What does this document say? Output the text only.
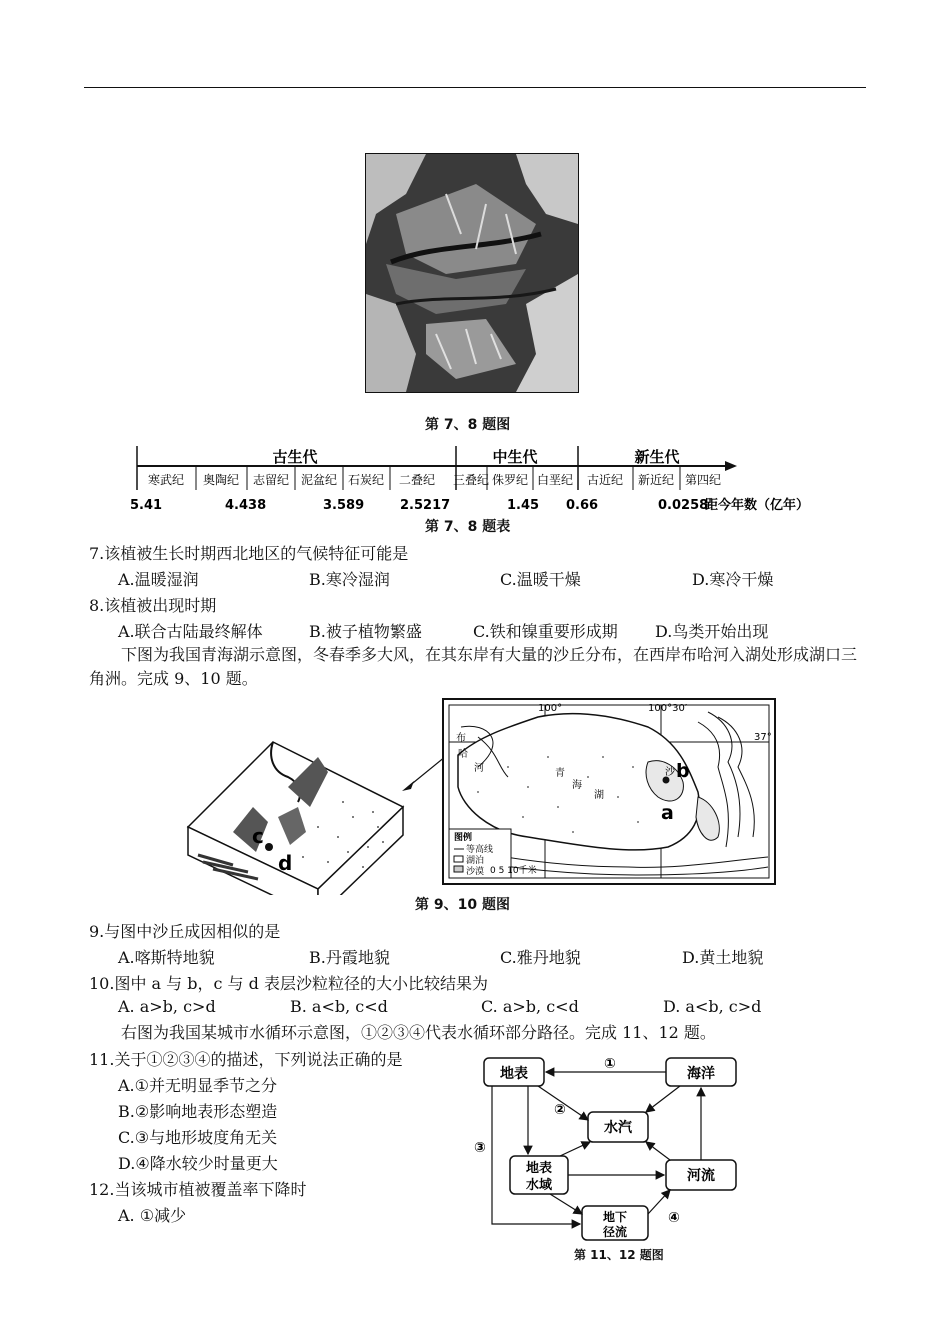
第 7、8 题图
古生代	中生代	新生代
寒武纪 奥陶纪 志留纪 泥盆纪 石炭纪 二叠纪 三叠纪 侏罗纪 白垩纪 古近纪 新近纪 第四纪
5.41	4.438	3.589	2.5217	1.45 0.66	0.0258
距今年数（亿年）
第 7、8 题表
7.该植被生长时期西北地区的气候特征可能是
A.温暖湿润	B.寒冷湿润	C.温暖干燥	D.寒冷干燥
8.该植被出现时期
A.联合古陆最终解体	B.被子植物繁盛	C.铁和镍重要形成期 D.鸟类开始出现
下图为我国青海湖示意图，冬春季多大风，在其东岸有大量的沙丘分布，在西岸布哈河入湖处形成湖口三角洲。完成 9、10 题。
c
d
100°	100°30′
37°
布
哈
河	青
海
湖
沙 b
a
图例
等高线
湖泊
沙漠 0 5 10千米
第 9、10 题图
9.与图中沙丘成因相似的是
A.喀斯特地貌	B.丹霞地貌	C.雅丹地貌	D.黄土地貌
10.图中 a 与 b，c 与 d 表层沙粒粒径的大小比较结果为
A. a>b, c>d	B. a<b, c<d	C. a>b, c<d	D. a<b, c>d
右图为我国某城市水循环示意图，①②③④代表水循环部分路径。完成 11、12 题。
11.关于①②③④的描述，下列说法正确的是
A.①并无明显季节之分
B.②影响地表形态塑造
C.③与地形坡度角无关
D.④降水较少时量更大
12.当该城市植被覆盖率下降时
A. ①减少
地表	海洋
水汽
地表
水域
河流
地下
径流
①
②
③
④
第 11、12 题图
